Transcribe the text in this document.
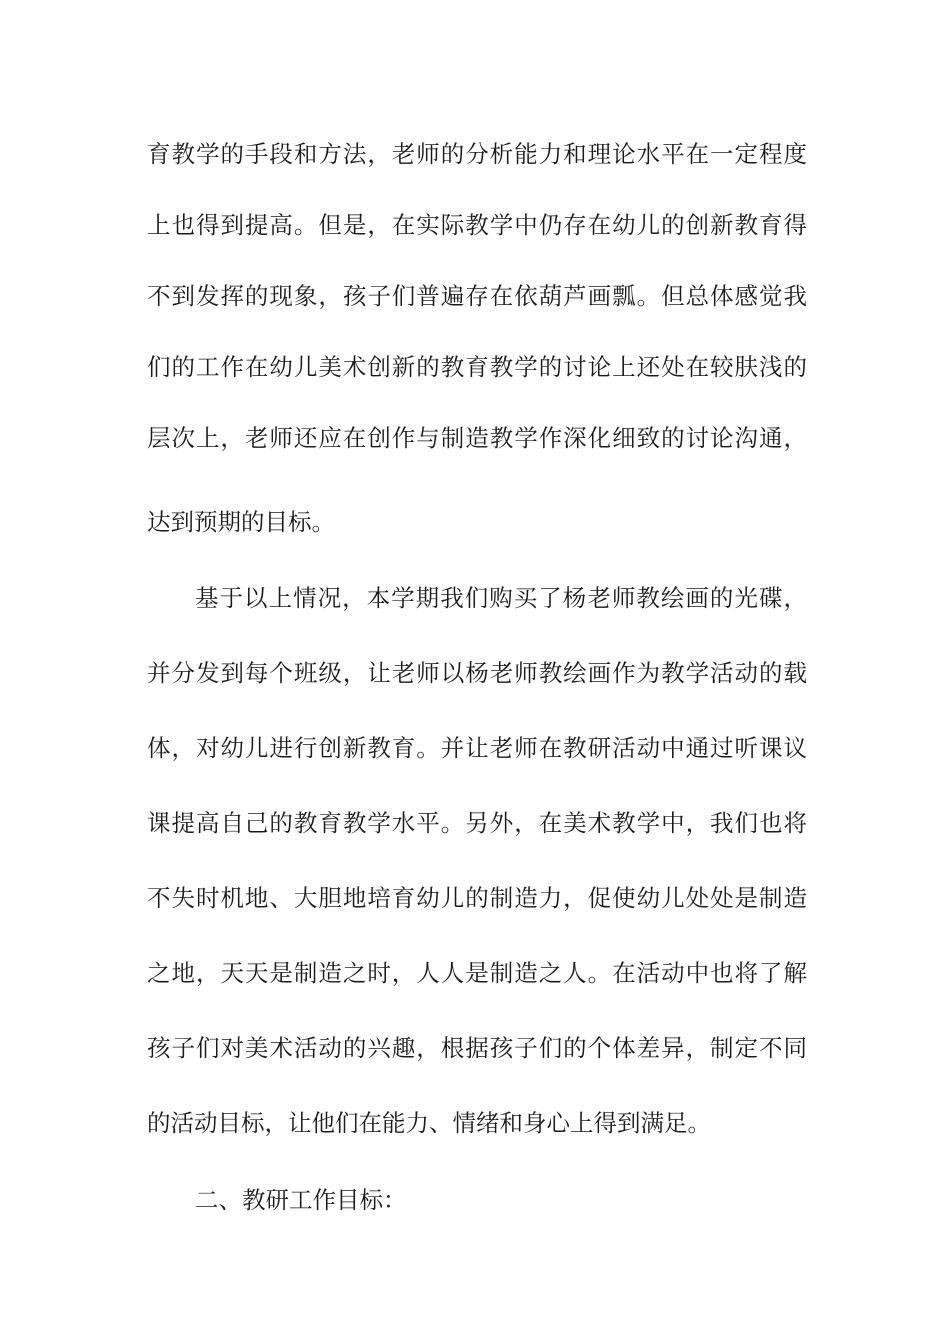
育教学的手段和方法，老师的分析能力和理论水平在一定程度
上也得到提高。但是，在实际教学中仍存在幼儿的创新教育得
不到发挥的现象，孩子们普遍存在依葫芦画瓢。但总体感觉我
们的工作在幼儿美术创新的教育教学的讨论上还处在较肤浅的
层次上，老师还应在创作与制造教学作深化细致的讨论沟通，
达到预期的目标。
基于以上情况，本学期我们购买了杨老师教绘画的光碟，
并分发到每个班级，让老师以杨老师教绘画作为教学活动的载
体，对幼儿进行创新教育。并让老师在教研活动中通过听课议
课提高自己的教育教学水平。另外，在美术教学中，我们也将
不失时机地、大胆地培育幼儿的制造力，促使幼儿处处是制造
之地，天天是制造之时，人人是制造之人。在活动中也将了解
孩子们对美术活动的兴趣，根据孩子们的个体差异，制定不同
的活动目标，让他们在能力、情绪和身心上得到满足。
二、教研工作目标：
